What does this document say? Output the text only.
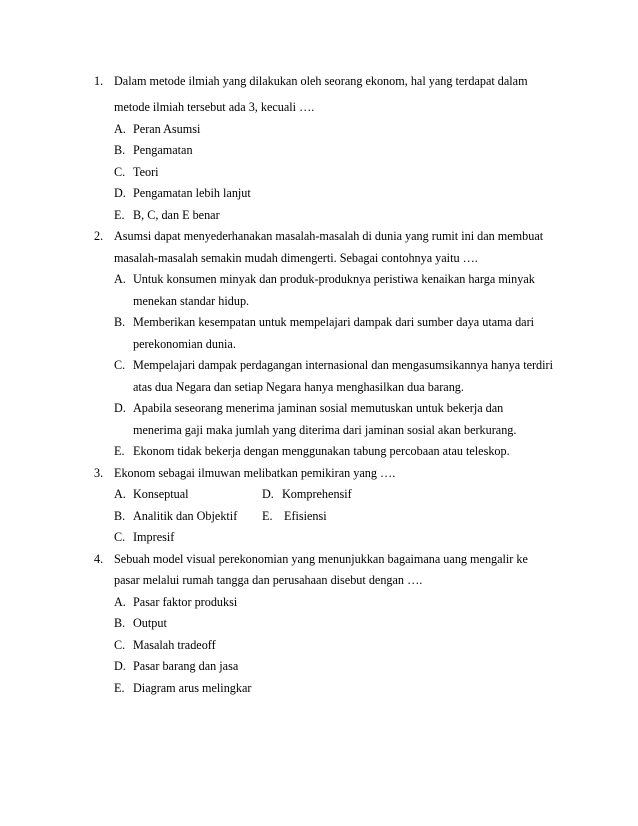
1. Dalam metode ilmiah yang dilakukan oleh seorang ekonom, hal yang terdapat dalam
metode ilmiah tersebut ada 3, kecuali ….
A. Peran Asumsi
B. Pengamatan
C. Teori
D. Pengamatan lebih lanjut
E. B, C, dan E benar
2. Asumsi dapat menyederhanakan masalah-masalah di dunia yang rumit ini dan membuat
masalah-masalah semakin mudah dimengerti. Sebagai contohnya yaitu ….
A. Untuk konsumen minyak dan produk-produknya peristiwa kenaikan harga minyak
menekan standar hidup.
B. Memberikan kesempatan untuk mempelajari dampak dari sumber daya utama dari
perekonomian dunia.
C. Mempelajari dampak perdagangan internasional dan mengasumsikannya hanya terdiri
atas dua Negara dan setiap Negara hanya menghasilkan dua barang.
D. Apabila seseorang menerima jaminan sosial memutuskan untuk bekerja dan
menerima gaji maka jumlah yang diterima dari jaminan sosial akan berkurang.
E. Ekonom tidak bekerja dengan menggunakan tabung percobaan atau teleskop.
3. Ekonom sebagai ilmuwan melibatkan pemikiran yang ….
A. Konseptual	D. Komprehensif
B. Analitik dan Objektif E. Efisiensi
C. Impresif
4. Sebuah model visual perekonomian yang menunjukkan bagaimana uang mengalir ke
pasar melalui rumah tangga dan perusahaan disebut dengan ….
A. Pasar faktor produksi
B. Output
C. Masalah tradeoff
D. Pasar barang dan jasa
E. Diagram arus melingkar
